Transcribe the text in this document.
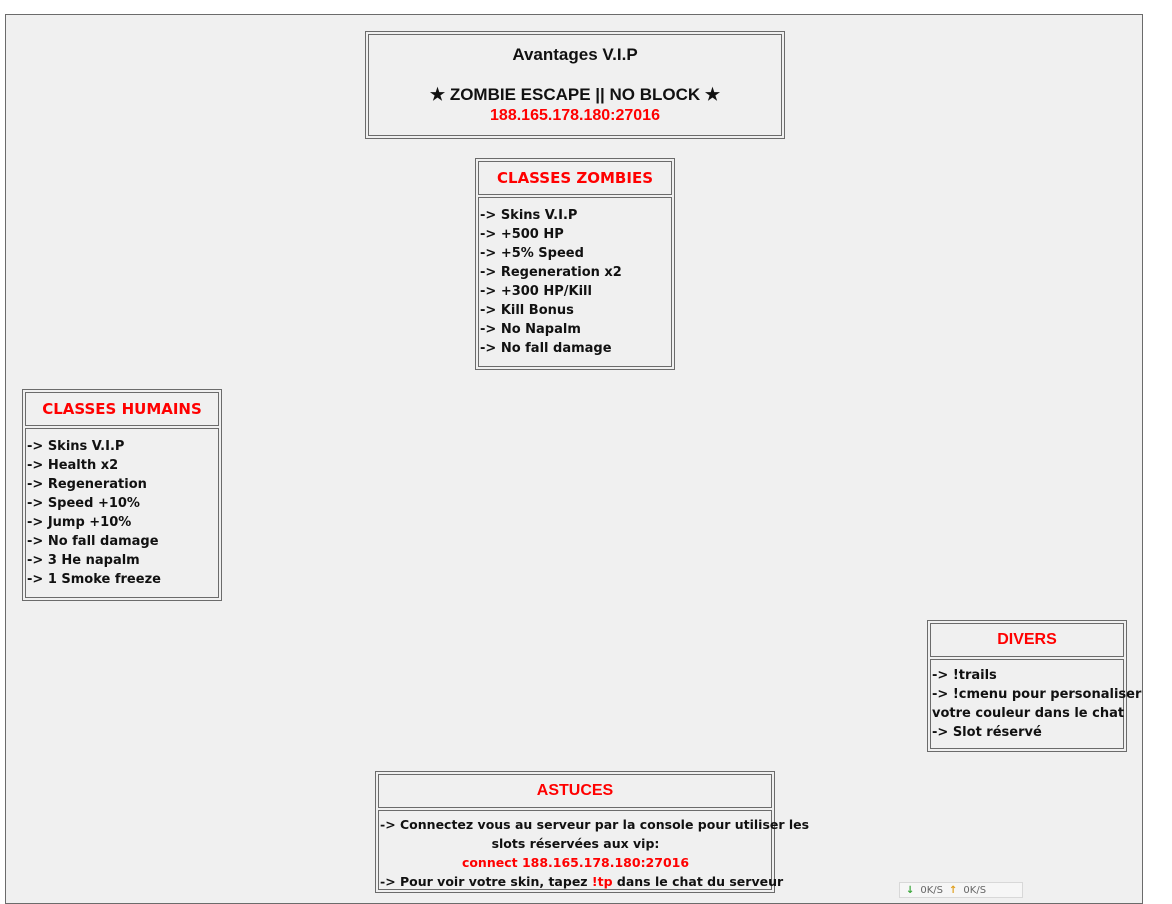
Avantages V.I.P
★ ZOMBIE ESCAPE || NO BLOCK ★
188.165.178.180:27016
CLASSES ZOMBIES
-> Skins V.I.P
-> +500 HP
-> +5% Speed
-> Regeneration x2
-> +300 HP/Kill
-> Kill Bonus
-> No Napalm
-> No fall damage
CLASSES HUMAINS
-> Skins V.I.P
-> Health x2
-> Regeneration
-> Speed +10%
-> Jump +10%
-> No fall damage
-> 3 He napalm
-> 1 Smoke freeze
DIVERS
-> !trails
-> !cmenu pour personaliser
votre couleur dans le chat
-> Slot réservé
ASTUCES
-> Connectez vous au serveur par la console pour utiliser les
slots réservées aux vip:
connect 188.165.178.180:27016
-> Pour voir votre skin, tapez !tp dans le chat du serveur
↓ 0K/S ↑ 0K/S
